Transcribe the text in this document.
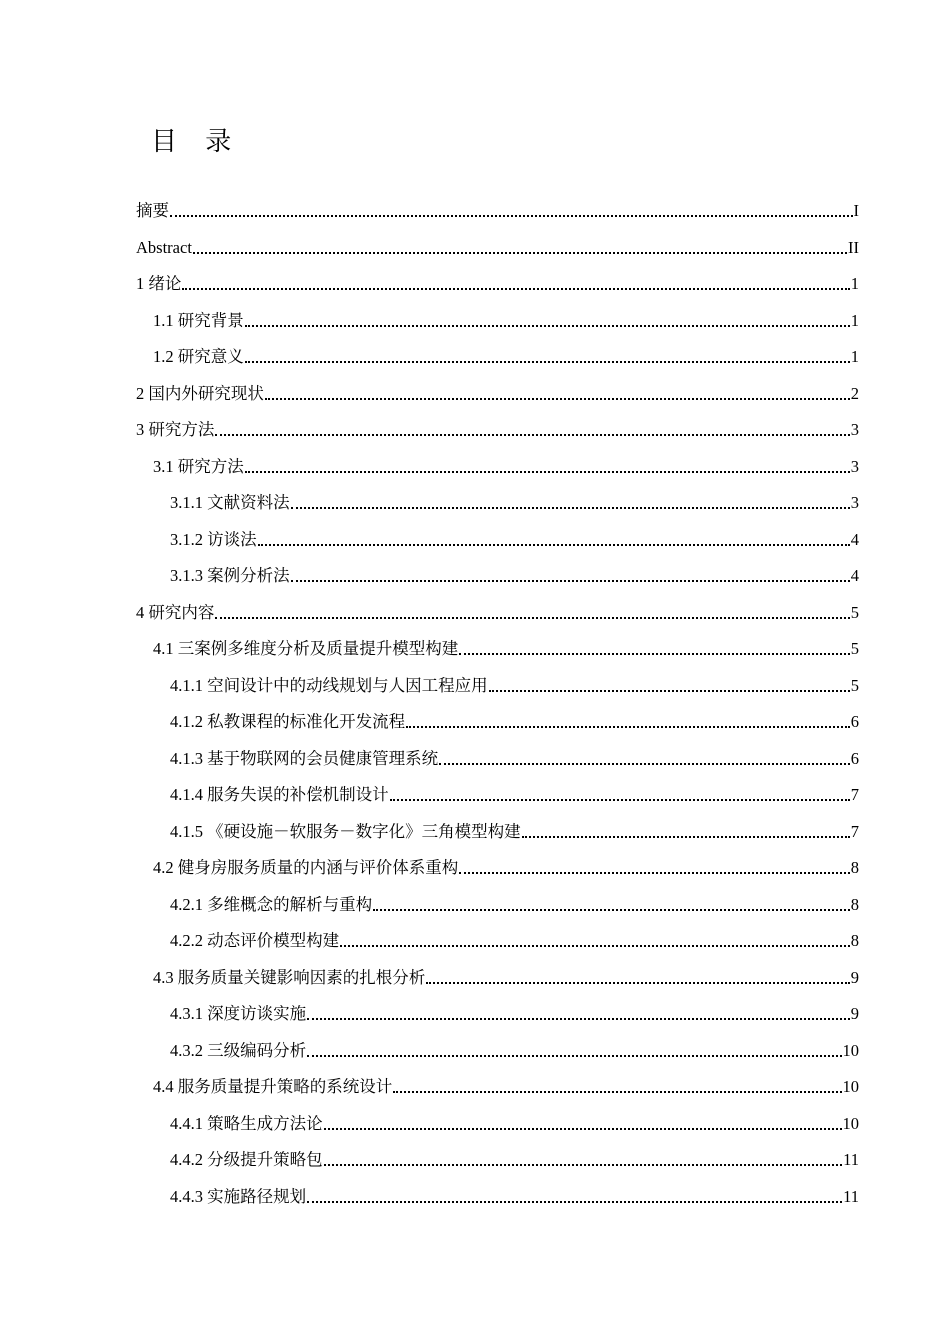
目 录
摘要	I
Abstract	II
1 绪论	1
1.1 研究背景	1
1.2 研究意义	1
2 国内外研究现状	2
3 研究方法	3
3.1 研究方法	3
3.1.1 文献资料法	3
3.1.2 访谈法	4
3.1.3 案例分析法	4
4 研究内容	5
4.1 三案例多维度分析及质量提升模型构建	5
4.1.1 空间设计中的动线规划与人因工程应用	5
4.1.2 私教课程的标准化开发流程	6
4.1.3 基于物联网的会员健康管理系统	6
4.1.4 服务失误的补偿机制设计	7
4.1.5 《硬设施－软服务－数字化》三角模型构建	7
4.2 健身房服务质量的内涵与评价体系重构	8
4.2.1 多维概念的解析与重构	8
4.2.2 动态评价模型构建	8
4.3 服务质量关键影响因素的扎根分析	9
4.3.1 深度访谈实施	9
4.3.2 三级编码分析	10
4.4 服务质量提升策略的系统设计	10
4.4.1 策略生成方法论	10
4.4.2 分级提升策略包	11
4.4.3 实施路径规划	11
